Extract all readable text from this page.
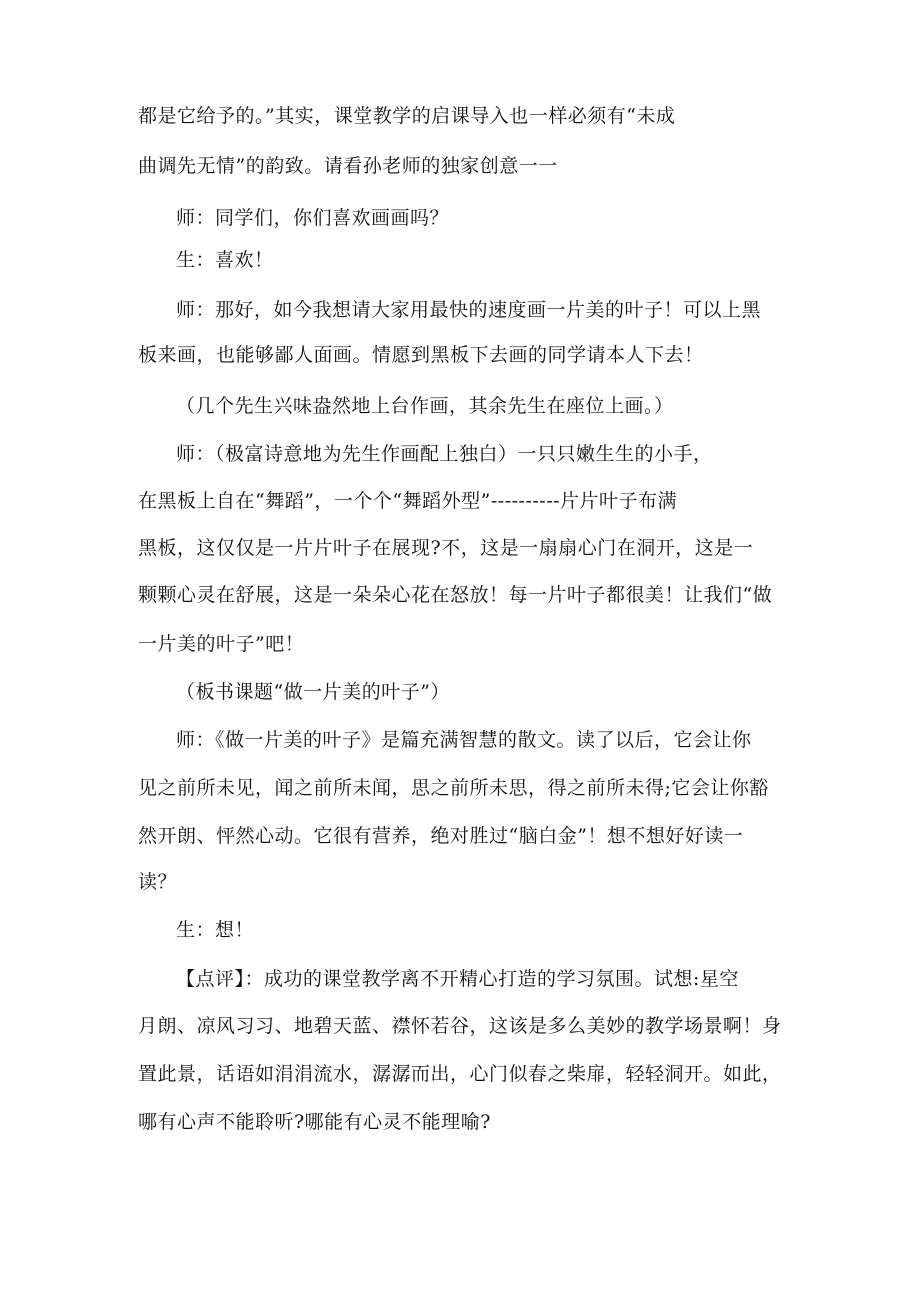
都是它给予的。”其实，课堂教学的启课导入也一样必须有“未成
曲调先无情”的韵致。请看孙老师的独家创意一一
师：同学们，你们喜欢画画吗？
生：喜欢！
师：那好，如今我想请大家用最快的速度画一片美的叶子！可以上黑
板来画，也能够鄙人面画。情愿到黑板下去画的同学请本人下去！
（几个先生兴味盎然地上台作画，其余先生在座位上画。）
师：（极富诗意地为先生作画配上独白）一只只嫩生生的小手，
在黑板上自在“舞蹈”，一个个“舞蹈外型”----------片片叶子布满
黑板，这仅仅是一片片叶子在展现?不，这是一扇扇心门在洞开，这是一
颗颗心灵在舒展，这是一朵朵心花在怒放！每一片叶子都很美！让我们“做
一片美的叶子”吧！
（板书课题“做一片美的叶子”）
师：《做一片美的叶子》是篇充满智慧的散文。读了以后，它会让你
见之前所未见，闻之前所未闻，思之前所未思，得之前所未得;它会让你豁
然开朗、怦然心动。它很有营养，绝对胜过“脑白金”！想不想好好读一
读？
生：想！
【点评】：成功的课堂教学离不开精心打造的学习氛围。试想:星空
月朗、凉风习习、地碧天蓝、襟怀若谷，这该是多么美妙的教学场景啊！身
置此景，话语如涓涓流水，潺潺而出，心门似春之柴扉，轻轻洞开。如此，
哪有心声不能聆听?哪能有心灵不能理喻?
